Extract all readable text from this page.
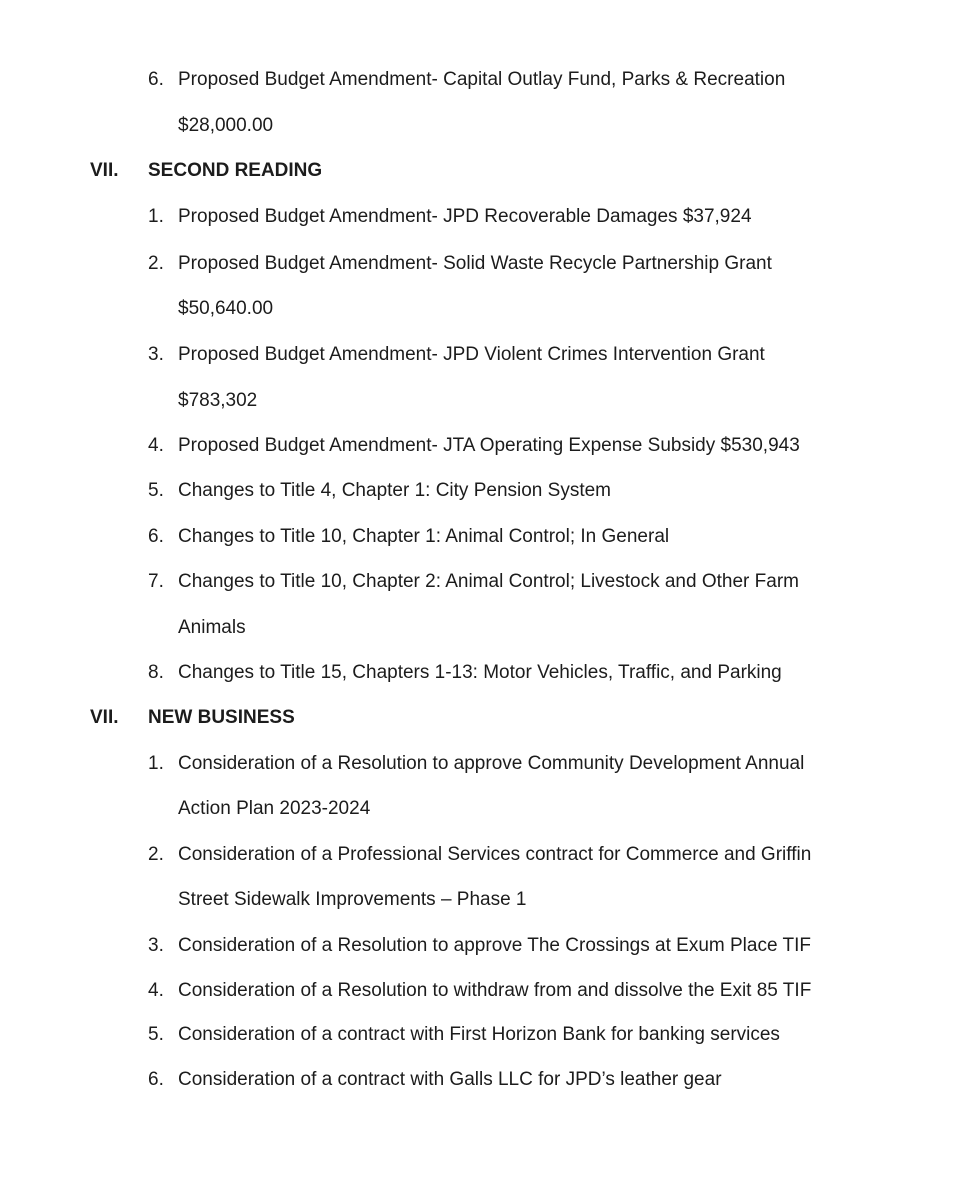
6. Proposed Budget Amendment- Capital Outlay Fund, Parks & Recreation
$28,000.00
VII. SECOND READING
1. Proposed Budget Amendment- JPD Recoverable Damages $37,924
2. Proposed Budget Amendment- Solid Waste Recycle Partnership Grant
$50,640.00
3. Proposed Budget Amendment- JPD Violent Crimes Intervention Grant
$783,302
4. Proposed Budget Amendment- JTA Operating Expense Subsidy $530,943
5. Changes to Title 4, Chapter 1: City Pension System
6. Changes to Title 10, Chapter 1: Animal Control; In General
7. Changes to Title 10, Chapter 2: Animal Control; Livestock and Other Farm
Animals
8. Changes to Title 15, Chapters 1-13: Motor Vehicles, Traffic, and Parking
VII. NEW BUSINESS
1. Consideration of a Resolution to approve Community Development Annual
Action Plan 2023-2024
2. Consideration of a Professional Services contract for Commerce and Griffin
Street Sidewalk Improvements – Phase 1
3. Consideration of a Resolution to approve The Crossings at Exum Place TIF
4. Consideration of a Resolution to withdraw from and dissolve the Exit 85 TIF
5. Consideration of a contract with First Horizon Bank for banking services
6. Consideration of a contract with Galls LLC for JPD’s leather gear
